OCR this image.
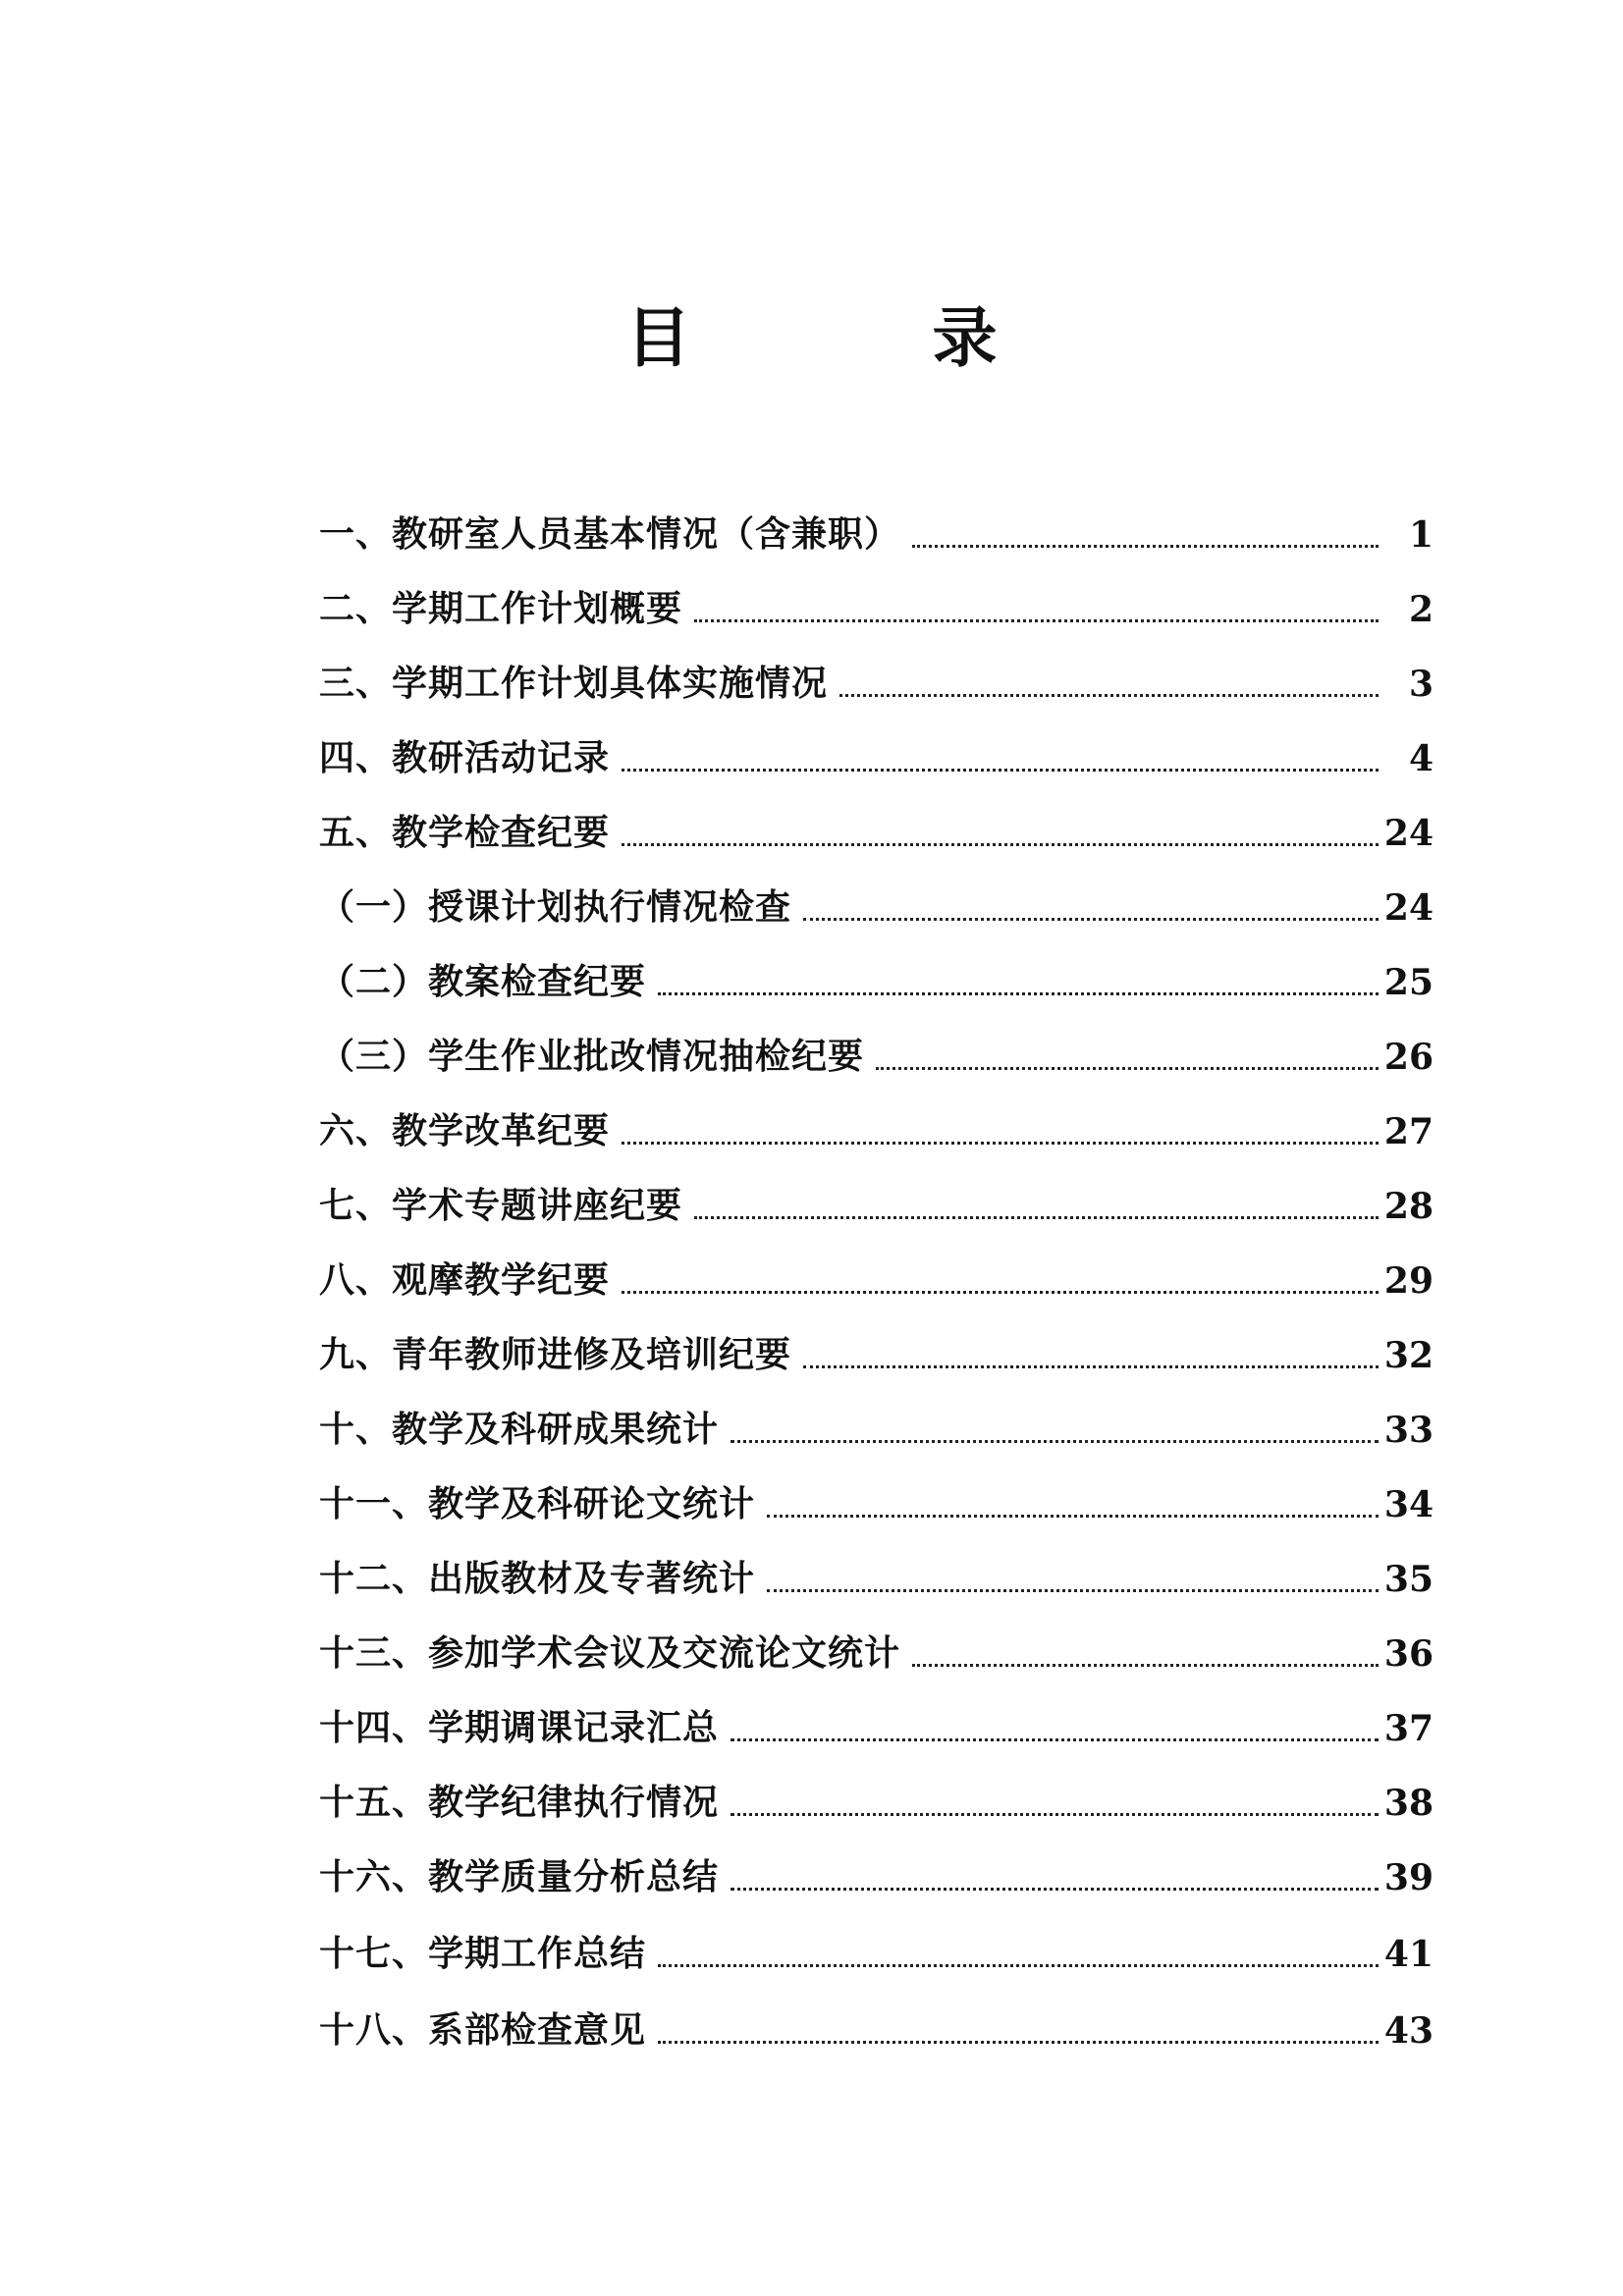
目　录
一、教研室人员基本情况（含兼职）	1
二、学期工作计划概要	2
三、学期工作计划具体实施情况	3
四、教研活动记录	4
五、教学检查纪要	24
（一）授课计划执行情况检查	24
（二）教案检查纪要	25
（三）学生作业批改情况抽检纪要	26
六、教学改革纪要	27
七、学术专题讲座纪要	28
八、观摩教学纪要	29
九、青年教师进修及培训纪要	32
十、教学及科研成果统计	33
十一、教学及科研论文统计	34
十二、出版教材及专著统计	35
十三、参加学术会议及交流论文统计	36
十四、学期调课记录汇总	37
十五、教学纪律执行情况	38
十六、教学质量分析总结	39
十七、学期工作总结	41
十八、系部检查意见	43
